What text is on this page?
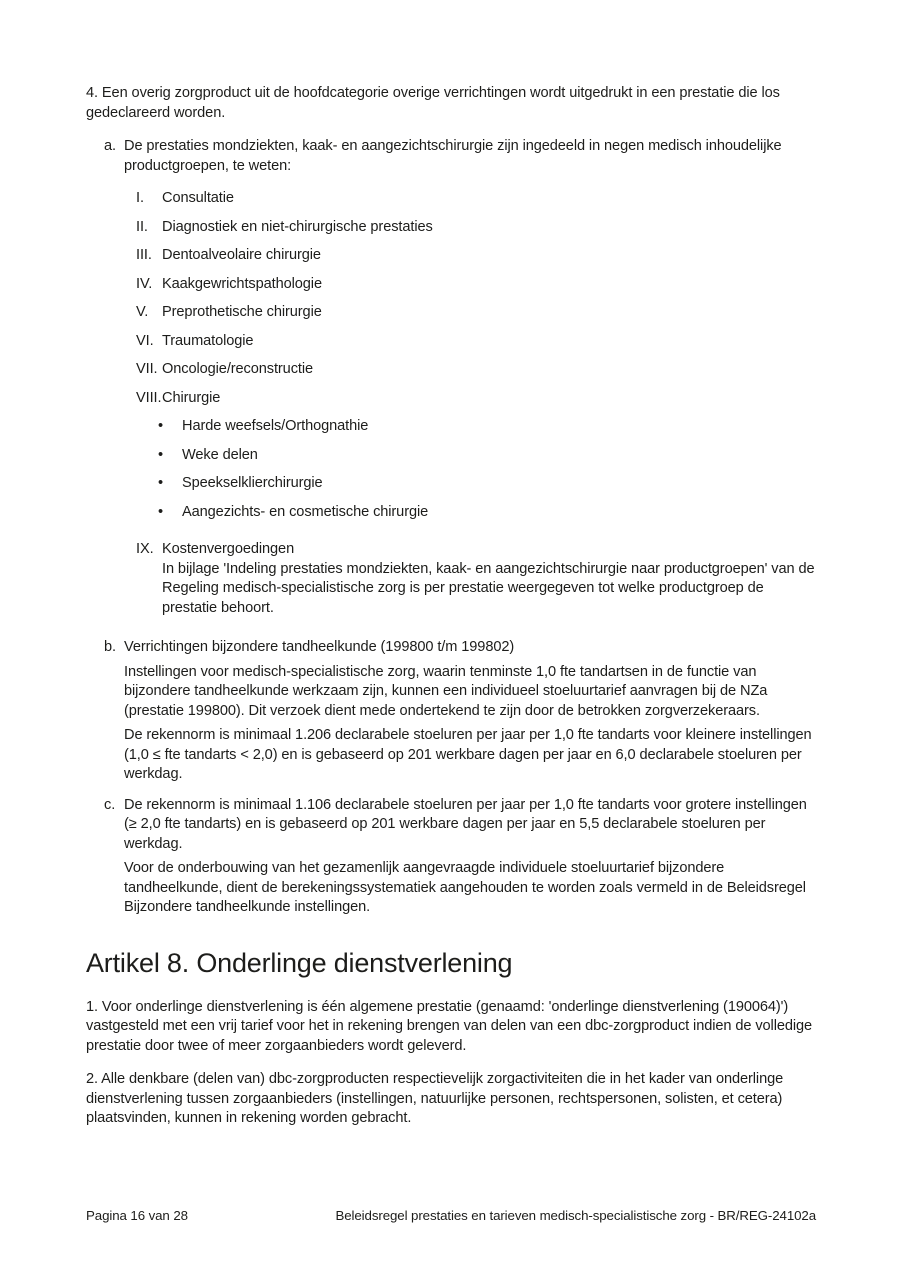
4. Een overig zorgproduct uit de hoofdcategorie overige verrichtingen wordt uitgedrukt in een prestatie die los gedeclareerd worden.

a. De prestaties mondziekten, kaak- en aangezichtschirurgie zijn ingedeeld in negen medisch inhoudelijke productgroepen, te weten:
I.	Consultatie
II. Diagnostiek en niet-chirurgische prestaties
III. Dentoalveolaire chirurgie
IV. Kaakgewrichtspathologie
V. Preprothetische chirurgie
VI. Traumatologie
VII. Oncologie/reconstructie
VIII. Chirurgie
•	Harde weefsels/Orthognathie
•	Weke delen
•	Speekselklierchirurgie
•	Aangezichts- en cosmetische chirurgie
IX. Kostenvergoedingen
In bijlage 'Indeling prestaties mondziekten, kaak- en aangezichtschirurgie naar productgroepen' van de Regeling medisch-specialistische zorg is per prestatie weergegeven tot welke productgroep de prestatie behoort.
b. Verrichtingen bijzondere tandheelkunde (199800 t/m 199802)
Instellingen voor medisch-specialistische zorg, waarin tenminste 1,0 fte tandartsen in de functie van bijzondere tandheelkunde werkzaam zijn, kunnen een individueel stoeluurtarief aanvragen bij de NZa (prestatie 199800). Dit verzoek dient mede ondertekend te zijn door de betrokken zorgverzekeraars.
De rekennorm is minimaal 1.206 declarabele stoeluren per jaar per 1,0 fte tandarts voor kleinere instellingen (1,0 ≤ fte tandarts < 2,0) en is gebaseerd op 201 werkbare dagen per jaar en 6,0 declarabele stoeluren per werkdag.
c. De rekennorm is minimaal 1.106 declarabele stoeluren per jaar per 1,0 fte tandarts voor grotere instellingen (≥ 2,0 fte tandarts) en is gebaseerd op 201 werkbare dagen per jaar en 5,5 declarabele stoeluren per werkdag.
Voor de onderbouwing van het gezamenlijk aangevraagde individuele stoeluurtarief bijzondere tandheelkunde, dient de berekeningssystematiek aangehouden te worden zoals vermeld in de Beleidsregel Bijzondere tandheelkunde instellingen.
Artikel 8. Onderlinge dienstverlening

1. Voor onderlinge dienstverlening is één algemene prestatie (genaamd: 'onderlinge dienstverlening (190064)') vastgesteld met een vrij tarief voor het in rekening brengen van delen van een dbc-zorgproduct indien de volledige prestatie door twee of meer zorgaanbieders wordt geleverd.

2. Alle denkbare (delen van) dbc-zorgproducten respectievelijk zorgactiviteiten die in het kader van onderlinge dienstverlening tussen zorgaanbieders (instellingen, natuurlijke personen, rechtspersonen, solisten, et cetera) plaatsvinden, kunnen in rekening worden gebracht.

Pagina 16 van 28	Beleidsregel prestaties en tarieven medisch-specialistische zorg - BR/REG-24102a
